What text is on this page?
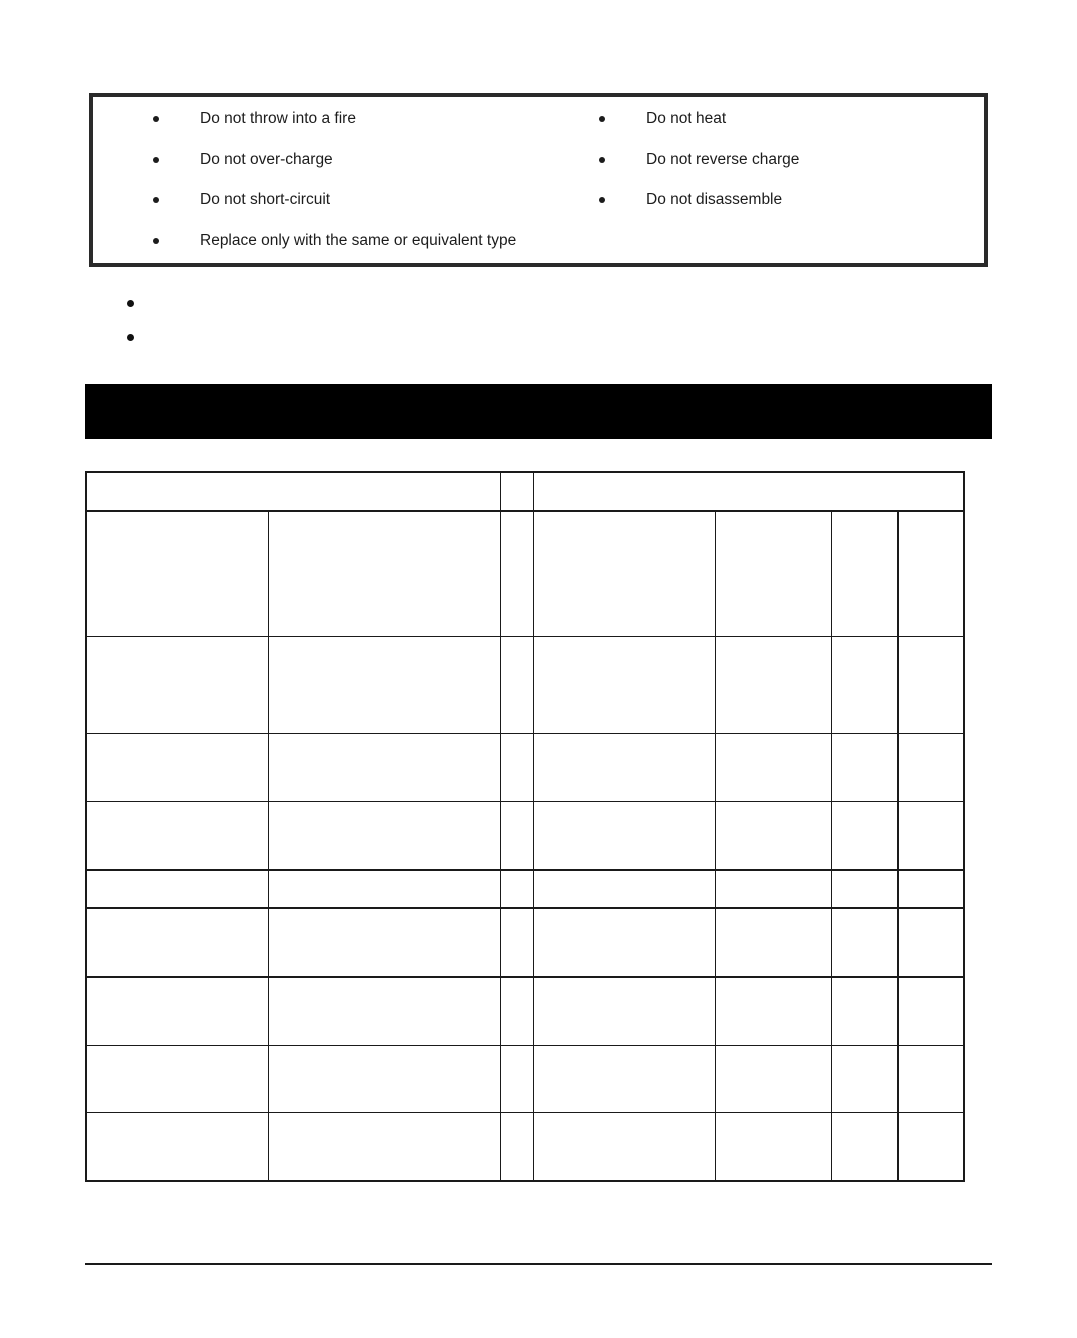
Do not throw into a fire
Do not over-charge
Do not short-circuit
Replace only with the same or equivalent type
Do not heat
Do not reverse charge
Do not disassemble
